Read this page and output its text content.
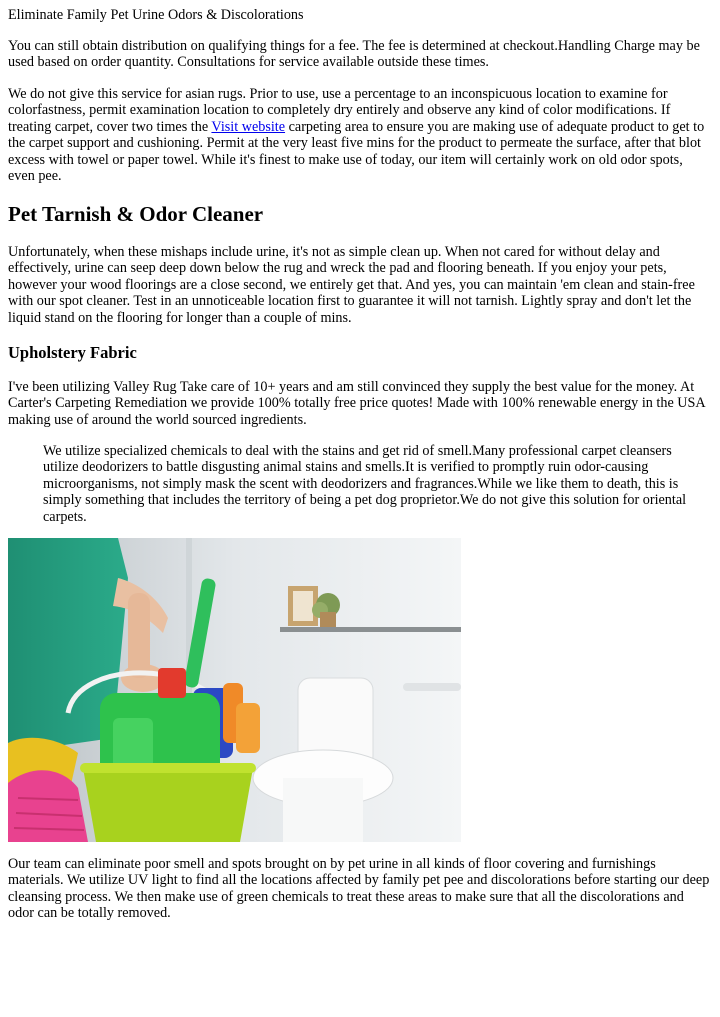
Eliminate Family Pet Urine Odors & Discolorations

You can still obtain distribution on qualifying things for a fee. The fee is determined at checkout.Handling Charge may be used based on order quantity. Consultations for service available outside these times.

We do not give this service for asian rugs. Prior to use, use a percentage to an inconspicuous location to examine for colorfastness, permit examination location to completely dry entirely and observe any kind of color modifications. If treating carpet, cover two times the Visit website carpeting area to ensure you are making use of adequate product to get to the carpet support and cushioning. Permit at the very least five mins for the product to permeate the surface, after that blot excess with towel or paper towel. While it's finest to make use of today, our item will certainly work on old odor spots, even pee.

Pet Tarnish & Odor Cleaner

Unfortunately, when these mishaps include urine, it's not as simple clean up. When not cared for without delay and effectively, urine can seep deep down below the rug and wreck the pad and flooring beneath. If you enjoy your pets, however your wood floorings are a close second, we entirely get that. And yes, you can maintain 'em clean and stain-free with our spot cleaner. Test in an unnoticeable location first to guarantee it will not tarnish. Lightly spray and don't let the liquid stand on the flooring for longer than a couple of mins.

Upholstery Fabric

I've been utilizing Valley Rug Take care of 10+ years and am still convinced they supply the best value for the money. At Carter's Carpeting Remediation we provide 100% totally free price quotes! Made with 100% renewable energy in the USA making use of around the world sourced ingredients.

We utilize specialized chemicals to deal with the stains and get rid of smell.Many professional carpet cleansers utilize deodorizers to battle disgusting animal stains and smells.It is verified to promptly ruin odor-causing microorganisms, not simply mask the scent with deodorizers and fragrances.While we like them to death, this is simply something that includes the territory of being a pet dog proprietor.We do not give this solution for oriental carpets.

Our team can eliminate poor smell and spots brought on by pet urine in all kinds of floor covering and furnishings materials. We utilize UV light to find all the locations affected by family pet pee and discolorations before starting our deep cleansing process. We then make use of green chemicals to treat these areas to make sure that all the discolorations and odor can be totally removed.
